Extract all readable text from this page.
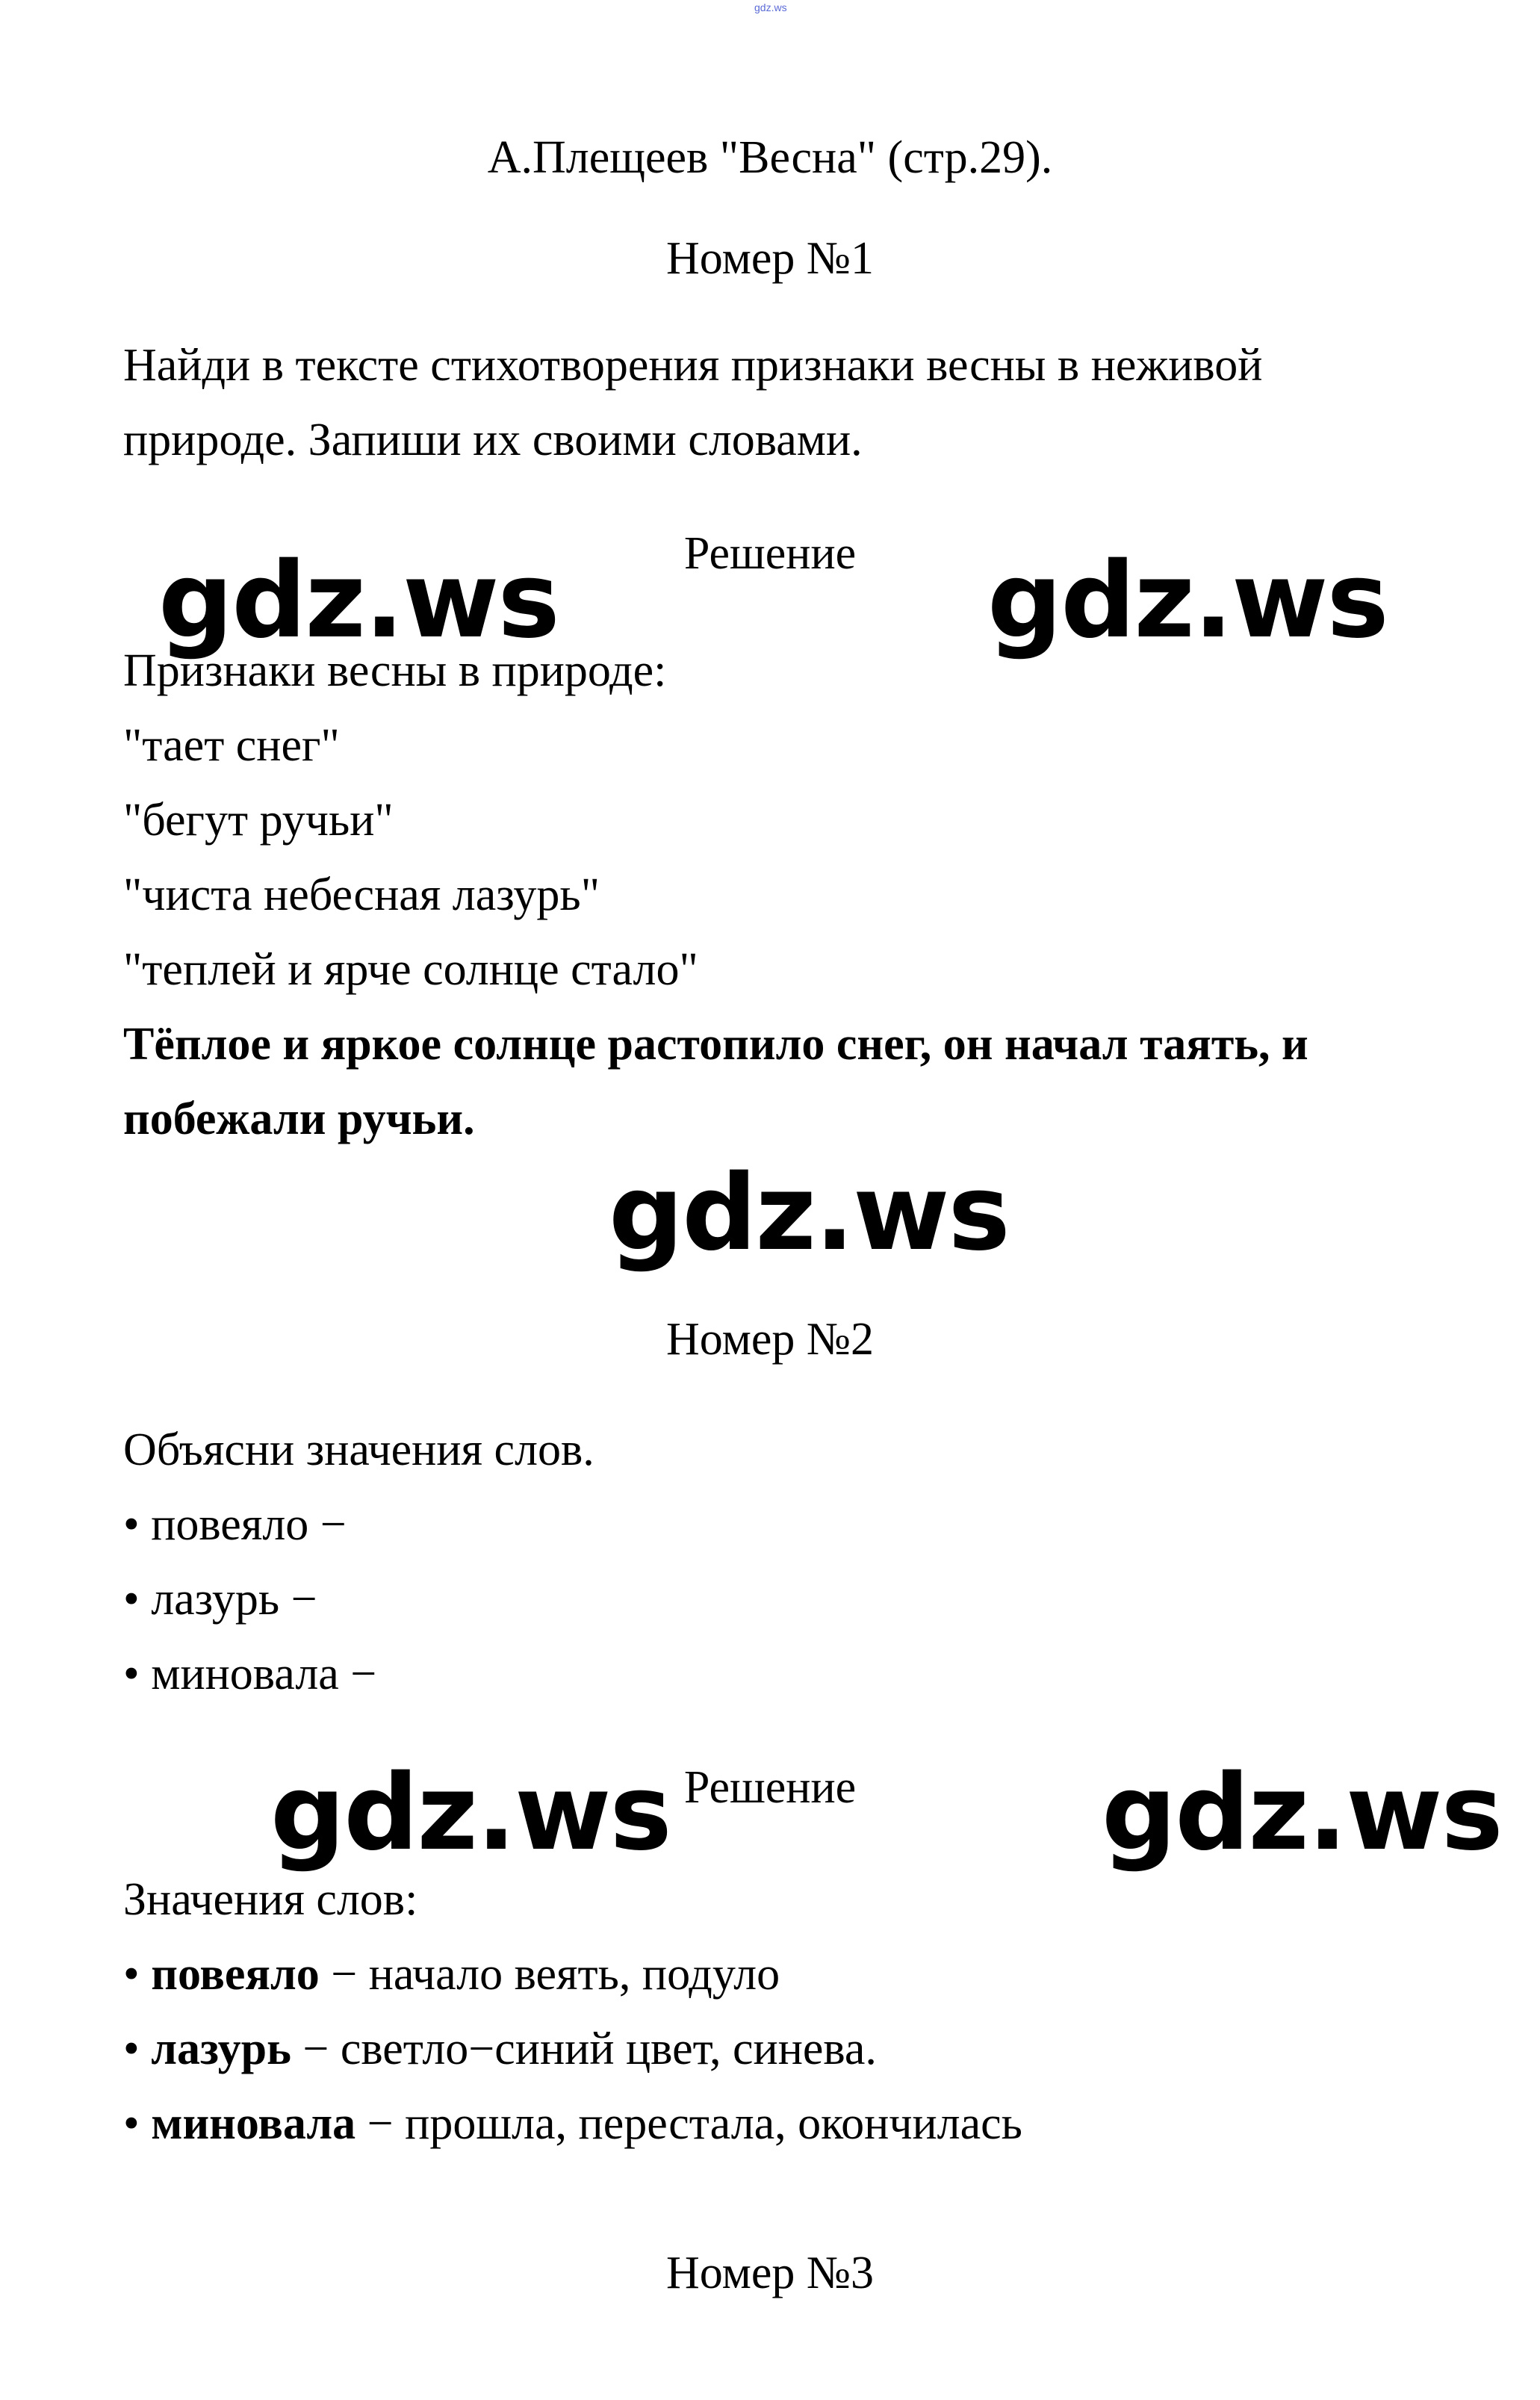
gdz.ws
А.Плещеев "Весна" (стр.29).
Номер №1
Найди в тексте стихотворения признаки весны в неживой
природе. Запиши их своими словами.
Решение
gdz.ws	gdz.ws
Признаки весны в природе:
"тает снег"
"бегут ручьи"
"чиста небесная лазурь"
"теплей и ярче солнце стало"
Тёплое и яркое солнце растопило снег, он начал таять, и
побежали ручьи.
gdz.ws
Номер №2
Объясни значения слов.
• повеяло −
• лазурь −
• миновала −
Решение
gdz.ws	gdz.ws
Значения слов:
• повеяло − начало веять, подуло
• лазурь − светло−синий цвет, синева.
• миновала − прошла, перестала, окончилась
Номер №3
